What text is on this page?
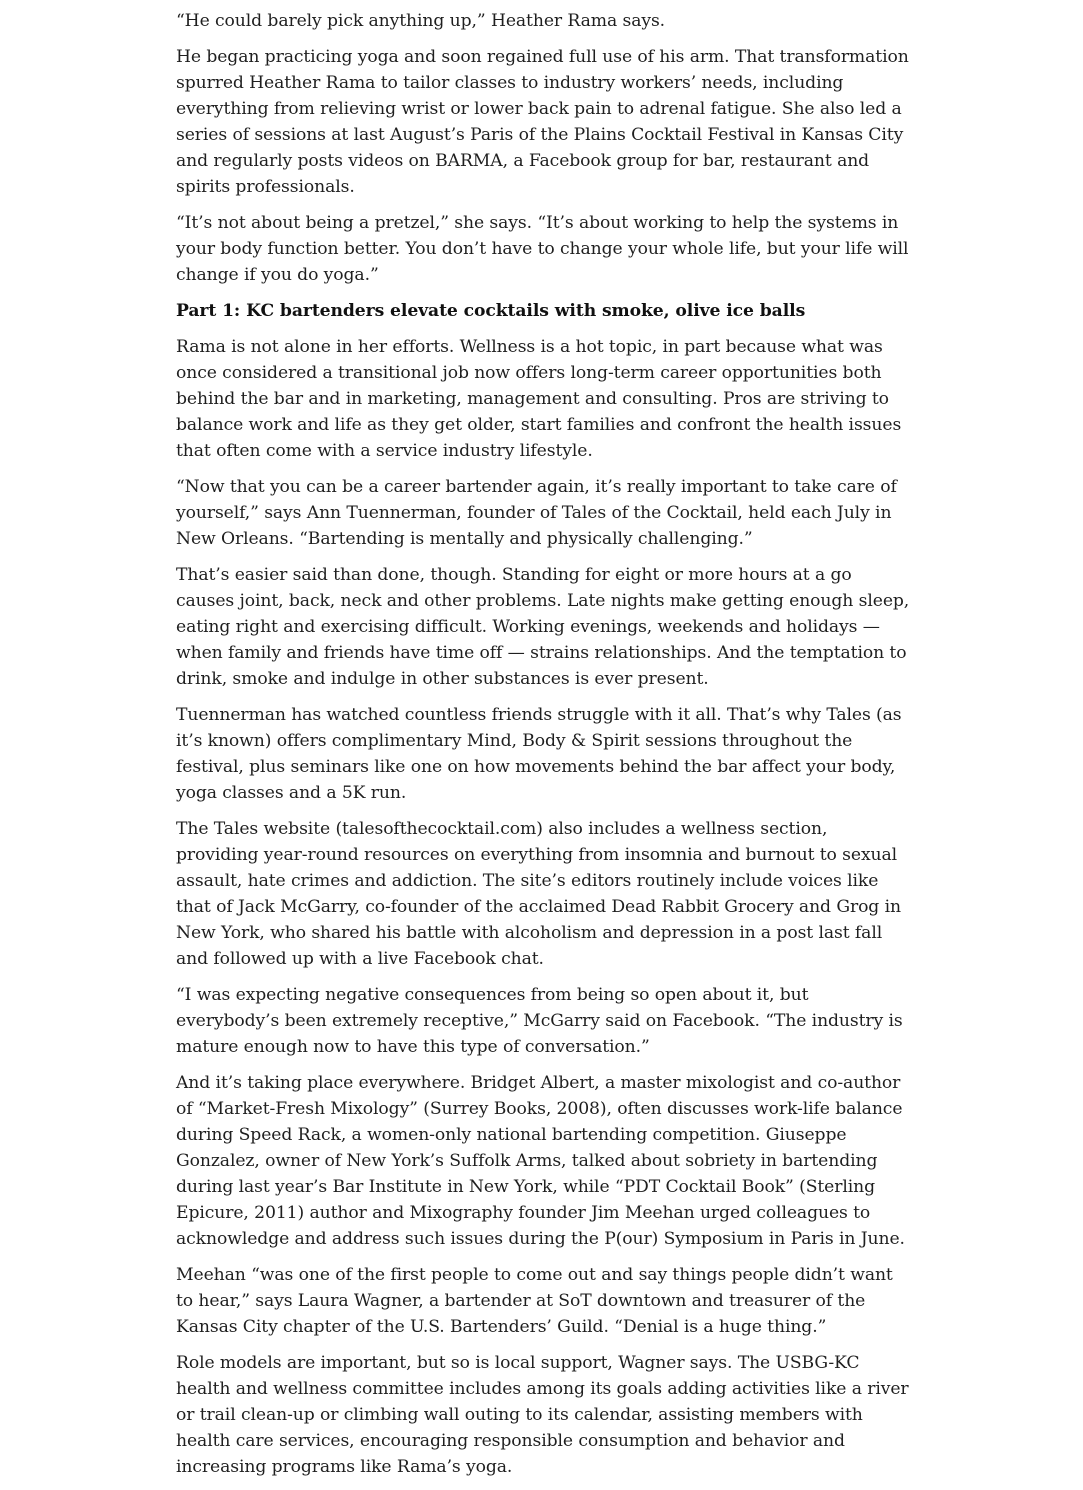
“He could barely pick anything up,” Heather Rama says.

He began practicing yoga and soon regained full use of his arm. That transformation spurred Heather Rama to tailor classes to industry workers’ needs, including everything from relieving wrist or lower back pain to adrenal fatigue. She also led a series of sessions at last August’s Paris of the Plains Cocktail Festival in Kansas City and regularly posts videos on BARMA, a Facebook group for bar, restaurant and spirits professionals.

“It’s not about being a pretzel,” she says. “It’s about working to help the systems in your body function better. You don’t have to change your whole life, but your life will change if you do yoga.”

Part 1: KC bartenders elevate cocktails with smoke, olive ice balls

Rama is not alone in her efforts. Wellness is a hot topic, in part because what was once considered a transitional job now offers long-term career opportunities both behind the bar and in marketing, management and consulting. Pros are striving to balance work and life as they get older, start families and confront the health issues that often come with a service industry lifestyle.

“Now that you can be a career bartender again, it’s really important to take care of yourself,” says Ann Tuennerman, founder of Tales of the Cocktail, held each July in New Orleans. “Bartending is mentally and physically challenging.”

That’s easier said than done, though. Standing for eight or more hours at a go causes joint, back, neck and other problems. Late nights make getting enough sleep, eating right and exercising difficult. Working evenings, weekends and holidays — when family and friends have time off — strains relationships. And the temptation to drink, smoke and indulge in other substances is ever present.

Tuennerman has watched countless friends struggle with it all. That’s why Tales (as it’s known) offers complimentary Mind, Body & Spirit sessions throughout the festival, plus seminars like one on how movements behind the bar affect your body, yoga classes and a 5K run.

The Tales website (talesofthecocktail.com) also includes a wellness section, providing year-round resources on everything from insomnia and burnout to sexual assault, hate crimes and addiction. The site’s editors routinely include voices like that of Jack McGarry, co-founder of the acclaimed Dead Rabbit Grocery and Grog in New York, who shared his battle with alcoholism and depression in a post last fall and followed up with a live Facebook chat.

“I was expecting negative consequences from being so open about it, but everybody’s been extremely receptive,” McGarry said on Facebook. “The industry is mature enough now to have this type of conversation.”

And it’s taking place everywhere. Bridget Albert, a master mixologist and co-author of “Market-Fresh Mixology” (Surrey Books, 2008), often discusses work-life balance during Speed Rack, a women-only national bartending competition. Giuseppe Gonzalez, owner of New York’s Suffolk Arms, talked about sobriety in bartending during last year’s Bar Institute in New York, while “PDT Cocktail Book” (Sterling Epicure, 2011) author and Mixography founder Jim Meehan urged colleagues to acknowledge and address such issues during the P(our) Symposium in Paris in June.

Meehan “was one of the first people to come out and say things people didn’t want to hear,” says Laura Wagner, a bartender at SoT downtown and treasurer of the Kansas City chapter of the U.S. Bartenders’ Guild. “Denial is a huge thing.”

Role models are important, but so is local support, Wagner says. The USBG-KC health and wellness committee includes among its goals adding activities like a river or trail clean-up or climbing wall outing to its calendar, assisting members with health care services, encouraging responsible consumption and behavior and increasing programs like Rama’s yoga.
